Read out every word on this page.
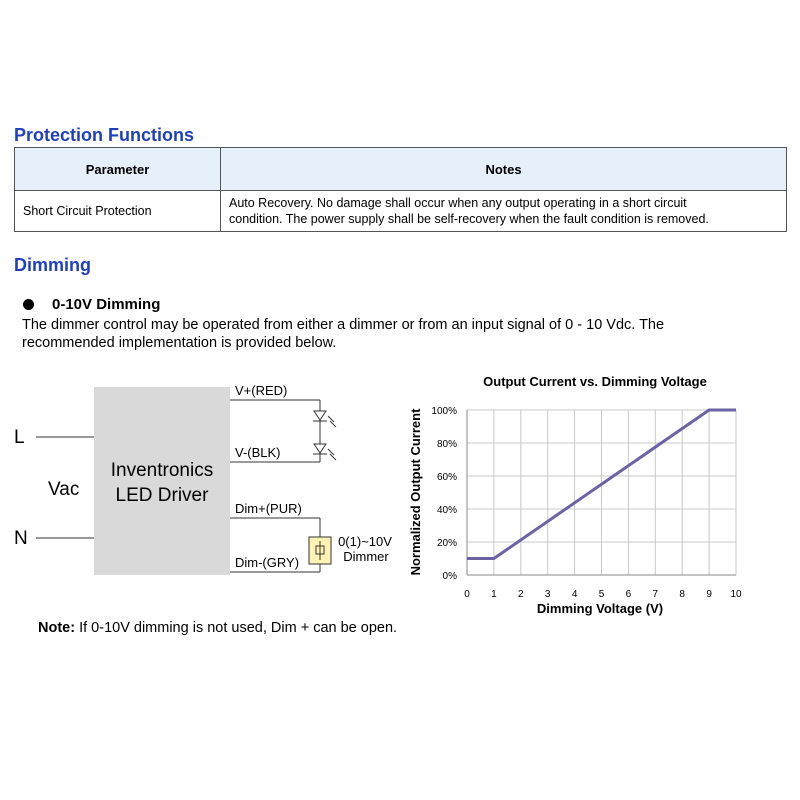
Protection Functions
Parameter	Notes
Short Circuit Protection	Auto Recovery. No damage shall occur when any output operating in a short circuit
condition. The power supply shall be self-recovery when the fault condition is removed.
Dimming
0-10V Dimming
The dimmer control may be operated from either a dimmer or from an input signal of 0 - 10 Vdc. The
recommended implementation is provided below.
L
N
Vac
Inventronics
LED Driver
V+(RED)
V-(BLK)
Dim+(PUR)
Dim-(GRY)
0(1)~10V
Dimmer
Output Current vs. Dimming Voltage
Dimming Voltage (V)
Normalized Output Current
0 1 2 3 4 5 6 7 8 9 10
0%
20%
40%
60%
80%
100%
Note: If 0-10V dimming is not used, Dim + can be open.
